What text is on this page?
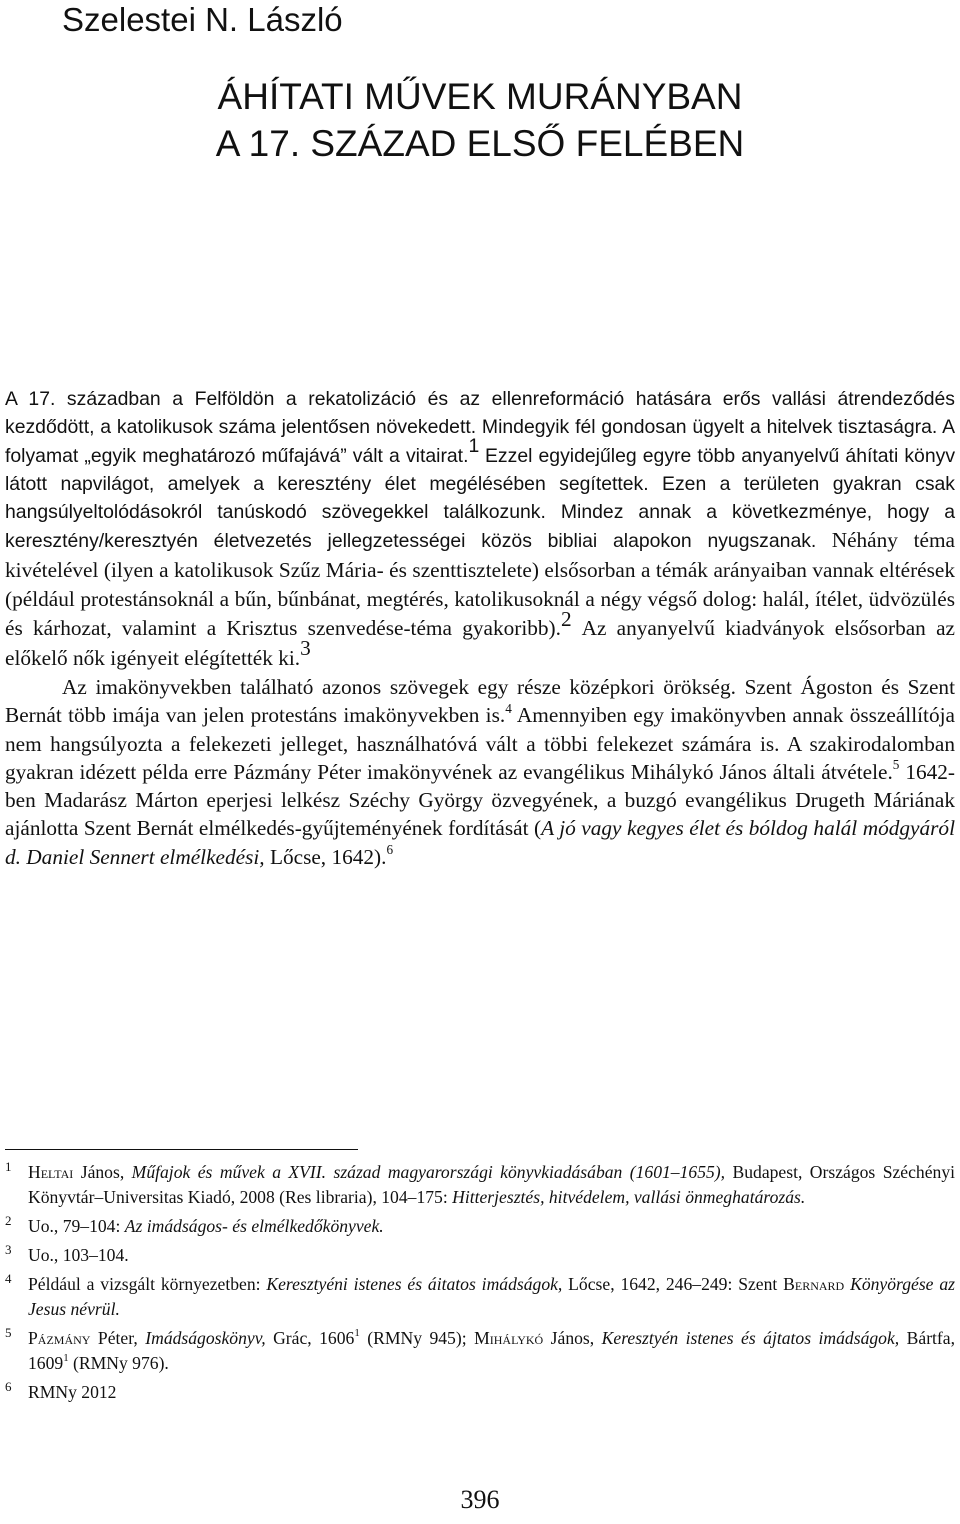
Szelestei N. László
ÁHÍTATI MŰVEK MURÁNYBAN
A 17. SZÁZAD ELSŐ FELÉBEN

A 17. században a Felföldön a rekatolizáció és az ellenreformáció hatására erős vallási átrendeződés kezdődött, a katolikusok száma jelentősen növekedett. Mindegyik fél gondosan ügyelt a hitelvek tisztaságra. A folyamat „egyik meghatározó műfajává” vált a vitairat.$^1$ Ezzel egyidejűleg egyre több anyanyelvű áhítati könyv látott napvilágot, amelyek a keresztény élet megélésében segítettek. Ezen a területen gyakran csak hangsúlyeltolódásokról tanúskodó szövegekkel találkozunk. Mindez annak a következménye, hogy a keresztény/keresztyén életvezetés jellegzetességei közös bibliai alapokon nyugszanak. Néhány téma kivételével (ilyen a katolikusok Szűz Mária- és szenttisztelete) elsősorban a témák arányaiban vannak eltérések (például protestánsoknál a bűn, bűnbánat, megtérés, katolikusoknál a négy végső dolog: halál, ítélet, üdvözülés és kárhozat, valamint a Krisztus szenvedése-téma gyakoribb).$^2$ Az anyanyelvű kiadványok elsősorban az előkelő nők igényeit elégítették ki.$^3$

Az imakönyvekben található azonos szövegek egy része középkori örökség. Szent Ágoston és Szent Bernát több imája van jelen protestáns imakönyvekben is.$^4$ Amennyiben egy imakönyvben annak összeállítója nem hangsúlyozta a felekezeti jelleget, használhatóvá vált a többi felekezet számára is. A szakirodalomban gyakran idézett példa erre Pázmány Péter imakönyvének az evangélikus Mihálykó János általi átvétele.$^5$ 1642-ben Madarász Márton eperjesi lelkész Széchy György özvegyének, a buzgó evangélikus Drugeth Máriának ajánlotta Szent Bernát elmélkedés-gyűjteményének fordítását (A jó vagy kegyes élet és bóldog halál módgyáról d. Daniel Sennert elmélkedési, Lőcse, 1642).$^6$

1 Heltai János, Műfajok és művek a XVII. század magyarországi könyvkiadásában (1601–1655), Budapest, Országos Széchényi Könyvtár–Universitas Kiadó, 2008 (Res libraria), 104–175: Hitterjesztés, hitvédelem, vallási önmeghatározás.
2 Uo., 79–104: Az imádságos- és elmélkedőkönyvek.
3 Uo., 103–104.
4 Például a vizsgált környezetben: Keresztyéni istenes és áitatos imádságok, Lőcse, 1642, 246–249: Szent Bernard Könyörgése az Jesus névrül.
5 Pázmány Péter, Imádságoskönyv, Grác, 1606$^1$ (RMNy 945); Mihálykó János, Keresztyén istenes és ájtatos imádságok, Bártfa, 1609$^1$ (RMNy 976).
6 RMNy 2012
396
